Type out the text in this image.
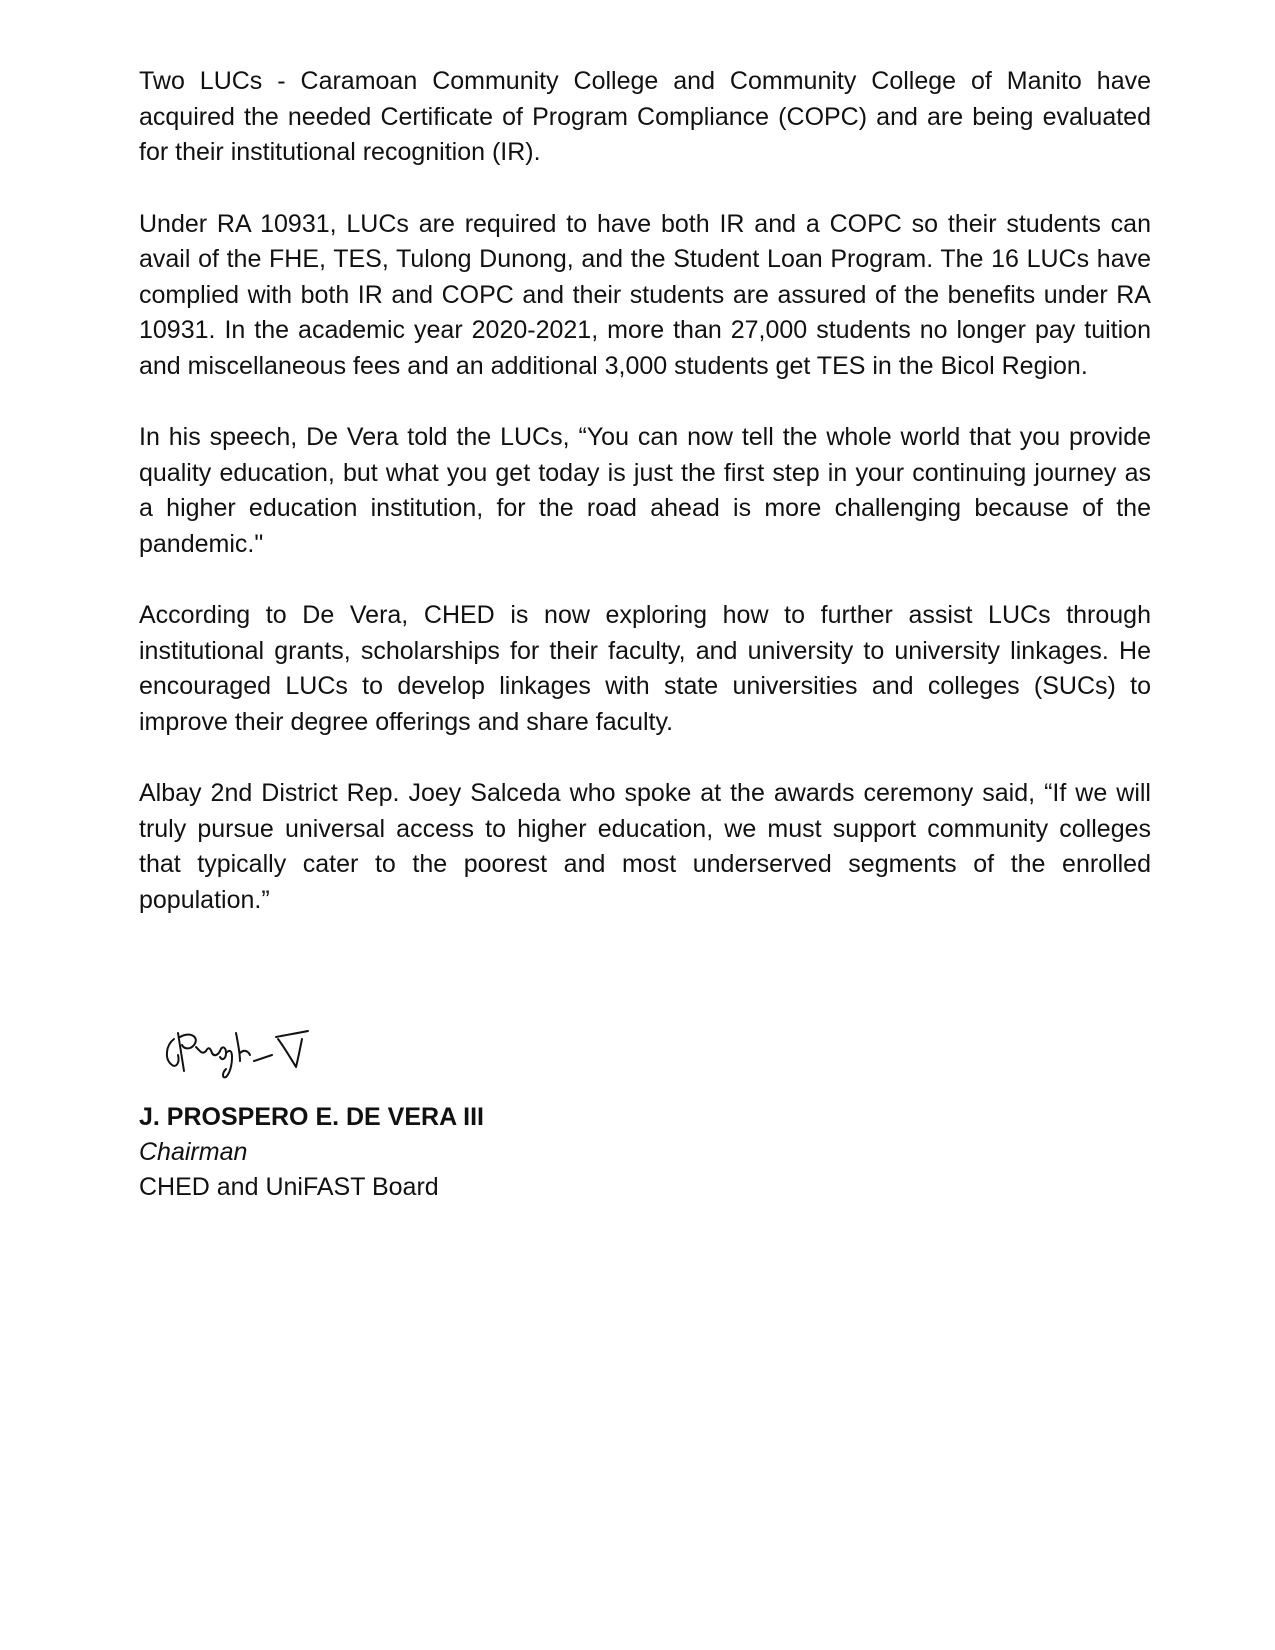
Two LUCs - Caramoan Community College and Community College of Manito have acquired the needed Certificate of Program Compliance (COPC) and are being evaluated for their institutional recognition (IR).

Under RA 10931, LUCs are required to have both IR and a COPC so their students can avail of the FHE, TES, Tulong Dunong, and the Student Loan Program. The 16 LUCs have complied with both IR and COPC and their students are assured of the benefits under RA 10931. In the academic year 2020-2021, more than 27,000 students no longer pay tuition and miscellaneous fees and an additional 3,000 students get TES in the Bicol Region.

In his speech, De Vera told the LUCs, “You can now tell the whole world that you provide quality education, but what you get today is just the first step in your continuing journey as a higher education institution, for the road ahead is more challenging because of the pandemic."

According to De Vera, CHED is now exploring how to further assist LUCs through institutional grants, scholarships for their faculty, and university to university linkages. He encouraged LUCs to develop linkages with state universities and colleges (SUCs) to improve their degree offerings and share faculty.

Albay 2nd District Rep. Joey Salceda who spoke at the awards ceremony said, “If we will truly pursue universal access to higher education, we must support community colleges that typically cater to the poorest and most underserved segments of the enrolled population.”

J. PROSPERO E. DE VERA III

Chairman

CHED and UniFAST Board
